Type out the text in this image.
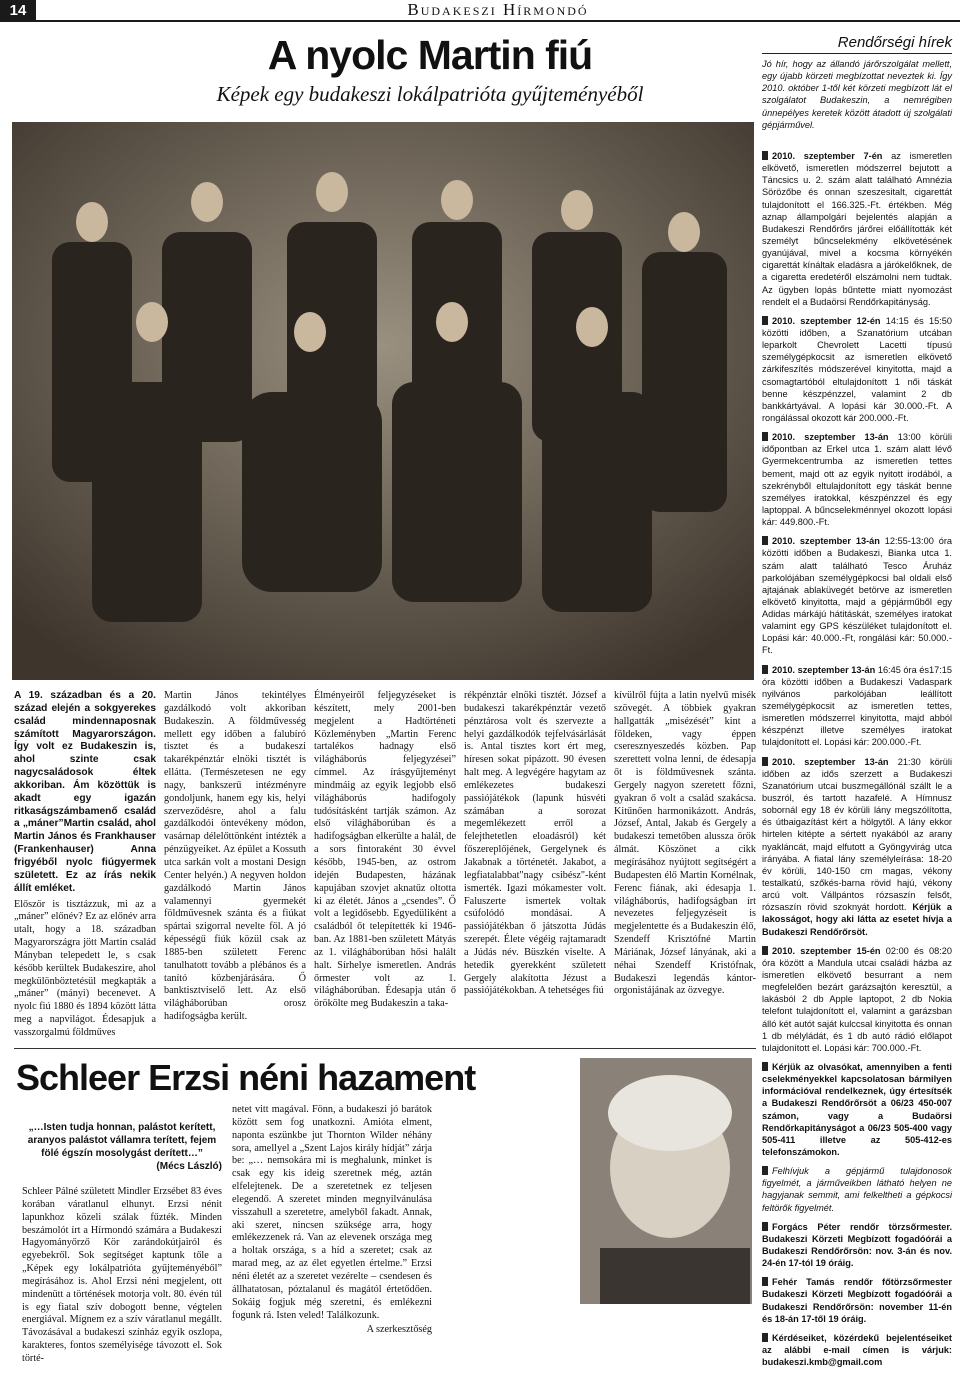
14	Budakeszi Hírmondó
A nyolc Martin fiú
Képek egy budakeszi lokálpatrióta gyűjteményéből
Rendőrségi hírek
Jó hír, hogy az állandó járőrszolgálat mellett, egy újabb körzeti megbízottat neveztek ki. Így 2010. október 1-től két körzeti megbízott lát el szolgálatot Budakeszin, a nemrégiben ünnepélyes keretek között átadott új szolgálati gépjárművel.

2010. szeptember 7-én az ismeretlen elkövető, ismeretlen módszerrel bejutott a Táncsics u. 2. szám alatt található Amnézia Sörözőbe és onnan szeszesitalt, cigarettát tulajdonított el 166.325.-Ft. értékben. Még aznap állampolgári bejelentés alapján a Budakeszi Rendőrőrs járőrei előállították két személyt bűncselekmény elkövetésének gyanújával, mivel a kocsma környékén cigarettát kínáltak eladásra a járókelőknek, de a cigaretta eredetéről elszámolni nem tudtak. Az ügyben lopás bűntette miatt nyomozást rendelt el a Budaörsi Rendőrkapitányság.

2010. szeptember 12-én 14:15 és 15:50 közötti időben, a Szanatórium utcában leparkolt Chevrolett Lacetti típusú személygépkocsit az ismeretlen elkövető zárkifeszítés módszerével kinyitotta, majd a csomagtartóból eltulajdonított 1 női táskát benne készpénzzel, valamint 2 db bankkártyával. A lopási kár 30.000.-Ft. A rongálással okozott kár 200.000.-Ft.

2010. szeptember 13-án 13:00 körüli időpontban az Erkel utca 1. szám alatt lévő Gyermekcentrumba az ismeretlen tettes bement, majd ott az egyik nyitott irodából, a szekrényből eltulajdonított egy táskát benne személyes iratokkal, készpénzzel és egy laptoppal. A bűncselekménnyel okozott lopási kár: 449.800.-Ft.

2010. szeptember 13-án 12:55-13:00 óra közötti időben a Budakeszi, Bianka utca 1. szám alatt található Tesco Áruház parkolójában személygépkocsi bal oldali első ajtajának ablaküvegét betörve az ismeretlen elkövető kinyitotta, majd a gépjárműből egy Adidas márkájú hátitáskát, személyes iratokat valamint egy GPS készüléket tulajdonított el. Lopási kár: 40.000.-Ft, rongálási kár: 50.000.-Ft.

2010. szeptember 13-án 16:45 óra és17:15 óra közötti időben a Budakeszi Vadaspark nyilvános parkolójában leállított személygépkocsit az ismeretlen tettes, ismeretlen módszerrel kinyitotta, majd abból készpénzt illetve személyes iratokat tulajdonított el. Lopási kár: 200.000.-Ft.

2010. szeptember 13-án 21:30 körüli időben az idős szerzett a Budakeszi Szanatórium utcai buszmegállónál szállt le a buszról, és tartott hazafelé. A Hímnusz sobornál egy 18 év körüli lány megszólította, és útbaigazítást kért a hölgytől. A lány ekkor hirtelen kitépte a sértett nyakából az arany nyakláncát, majd elfutott a Gyöngyvirág utca irányába. A fiatal lány személyleírása: 18-20 év körüli, 140-150 cm magas, vékony testalkatú, szőkés-barna rövid hajú, vékony arcú volt. Vállpántos rózsaszín felsőt, rózsaszín rövid szoknyát hordott. Kérjük a lakosságot, hogy aki látta az esetet hívja a Budakeszi Rendőrőrsöt.

2010. szeptember 15-én 02:00 és 08:20 óra között a Mandula utcai családi házba az ismeretlen elkövető besurrant a nem megfelelően bezárt garázsajtón keresztül, a lakásból 2 db Apple laptopot, 2 db Nokia telefont tulajdonított el, valamint a garázsban álló két autót saját kulccsal kinyitotta és onnan 1 db mélyládát, és 1 db autó rádió előlapot tulajdonított el. Lopási kár: 700.000.-Ft.

Kérjük az olvasókat, amennyiben a fenti cselekményekkel kapcsolatosan bármilyen információval rendelkeznek, úgy értesítsék a Budakeszi Rendőrőrsöt a 06/23 450-007 számon, vagy a Budaörsi Rendőrkapitányságot a 06/23 505-400 vagy 505-411 illetve az 505-412-es telefonszámokon.

Felhívjuk a gépjármű tulajdonosok figyelmét, a járműveikben látható helyen ne hagyjanak semmit, ami felkeltheti a gépkocsi feltörők figyelmét.

Forgács Péter rendőr törzsőrmester. Budakeszi Körzeti Megbízott fogadóórái a Budakeszi Rendőrőrsön: nov. 3-án és nov. 24-én 17-tól 19 óráig.

Fehér Tamás rendőr főtörzsőrmester Budakeszi Körzeti Megbízott fogadóórái a Budakeszi Rendőrőrsön: november 11-én és 18-án 17-től 19 óráig.

Kérdéseiket, közérdekű bejelentéseiket az alábbi e-mail címen is várjuk: budakeszi.kmb@gmail.com

A 19. században és a 20. század elején a sokgyerekes család mindennaposnak számított Magyarországon. Így volt ez Budakeszin is, ahol szinte csak nagycsaládosok éltek akkoriban. Ám közöttük is akadt egy igazán ritkaságszámbamenő család a „máner”Martin család, ahol Martin János és Frankhauser (Frankenhauser) Anna frigyéből nyolc fiúgyermek született. Ez az írás nekik állít emléket.

Először is tisztázzuk, mi az a „máner” előnév? Ez az előnév arra utalt, hogy a 18. században Magyarországra jött Martin család Mányban telepedett le, s csak később kerültek Budakeszire, ahol megkülönböztetésül megkapták a „máner” (mányi) becenevet. A nyolc fiú 1880 és 1894 között látta meg a napvilágot. Édesapjuk a vasszorgalmú földműves

Martin János tekintélyes gazdálkodó volt akkoriban Budakeszin. A földművesség mellett egy időben a falubíró tisztet és a budakeszi takarékpénztár elnöki tisztét is ellátta. (Természetesen ne egy nagy, bankszerű intézményre gondoljunk, hanem egy kis, helyi szerveződésre, ahol a falu gazdálkodói öntevékeny módon, vasárnap délelőttönként intézték a pénzügyeiket. Az épület a Kossuth utca sarkán volt a mostani Design Center helyén.) A negyven holdon gazdálkodó Martin János valamennyi gyermekét földművesnek szánta és a fiúkat spártai szigorral nevelte föl. A jó képességű fiúk közül csak az 1885-ben született Ferenc tanulhatott tovább a plébános és a tanító közbenjárására. Ő banktisztviselő lett. Az első világháborúban orosz hadifogságba került.
Élményeiről feljegyzéseket is készített, mely 2001-ben megjelent a Hadtörténeti Közleményben „Martin Ferenc tartalékos hadnagy első világháborús feljegyzései” címmel. Az írásgyűjteményt mindmáig az egyik legjobb első világháborús hadifogoly tudósításként tartják számon. Az első világháborúban és a hadifogságban elkerülte a halál, de a sors fintoraként 30 évvel később, 1945-ben, az ostrom idején Budapesten, házának kapujában szovjet aknatűz oltotta ki az életét. János a „csendes”. Ő volt a legidősebb. Egyedüliként a családból őt telepítették ki 1946-ban. Az 1881-ben született Mátyás az 1. világháborúban hősi halált halt. Sírhelye ismeretlen. András őrmester volt az 1. világháborúban. Édesapja után ő örökölte meg Budakeszin a taka-
rékpénztár elnöki tisztét. József a budakeszi takarékpénztár vezető pénztárosa volt és szervezte a helyi gazdálkodók tejfelvásárlását is. Antal tisztes kort ért meg, híresen sokat pipázott. 90 évesen halt meg. A legvégére hagytam az emlékezetes budakeszi passiójátékok (lapunk húsvéti számában a sorozat megemlékezett erről a felejthetetlen eloadásról) két főszereplőjének, Gergelynek és Jakabnak a történetét. Jakabot, a legfiatalabbat"nagy csibész"-ként ismerték. Igazi mókamester volt. Faluszerte ismertek voltak csúfolódó mondásai. A passiójátékban ő játszotta Júdás szerepét. Élete végéig rajtamaradt a Júdás név. Büszkén viselte. A hetedik gyerekként született Gergely alakította Jézust a passiójátékokban. A tehetséges fiú
kívülről fújta a latin nyelvű misék szövegét. A többiek gyakran hallgatták „misézését” kint a földeken, vagy éppen cseresznyeszedés közben. Pap szerettett volna lenni, de édesapja őt is földművesnek szánta. Gergely nagyon szeretett főzni, gyakran ő volt a család szakácsa. Kitűnően harmonikázott. András, József, Antal, Jakab és Gergely a budakeszi temetőben alussza örök álmát. Köszönet a cikk megírásához nyújtott segítségért a Budapesten élő Martin Kornélnak, Ferenc fiának, aki édesapja 1. világháborús, hadifogságban írt nevezetes feljegyzéseit is megjelentette és a Budakeszin élő, Szendeff Krisztófné Martin Máriának, József lányának, aki a néhai Szendeff Kristófnak, Budakeszi legendás kántor-orgonistájának az özvegye.
Schleer Erzsi néni hazament
„…Isten tudja honnan, palástot kerített, aranyos palástot vállamra terített, fejem fölé égszín mosolygást derített…”
(Mécs László)
Schleer Pálné született Mindler Erzsébet 83 éves korában váratlanul elhunyt. Erzsi nénit lapunkhoz közeli szálak fűzték. Minden beszámolót írt a Hírmondó számára a Budakeszi Hagyományőrző Kör zarándokútjairól és egyebekről. Sok segítséget kaptunk tőle a „Képek egy lokálpatrióta gyűjteményéből” megírásához is. Ahol Erzsi néni megjelent, ott mindenütt a történések motorja volt. 80. évén túl is egy fiatal szív dobogott benne, végtelen energiával. Mígnem ez a szív váratlanul megállt. Távozásával a budakeszi színház egyik oszlopa, karakteres, fontos személyisége távozott el. Sok törté-
netet vitt magával. Fönn, a budakeszi jó barátok között sem fog unatkozni. Amióta elment, naponta eszünkbe jut Thornton Wilder néhány sora, amellyel a „Szent Lajos király hídját” zárja be: „… nemsokára mi is meghalunk, minket is csak egy kis ideig szeretnek még, aztán elfelejtenek. De a szeretetnek ez teljesen elegendő. A szeretet minden megnyilvánulása visszahull a szeretetre, amelyből fakadt. Annak, aki szeret, nincsen szüksége arra, hogy emlékezzenek rá. Van az elevenek országa meg a holtak országa, s a híd a szeretet; csak az marad meg, az az élet egyetlen értelme.” Erzsi néni életét az a szeretet vezérelte – csendesen és állhatatosan, póztalanul és magától értetődően. Sokáig fogjuk még szeretni, és emlékezni fogunk rá. Isten veled! Találkozunk.
A szerkesztőség
